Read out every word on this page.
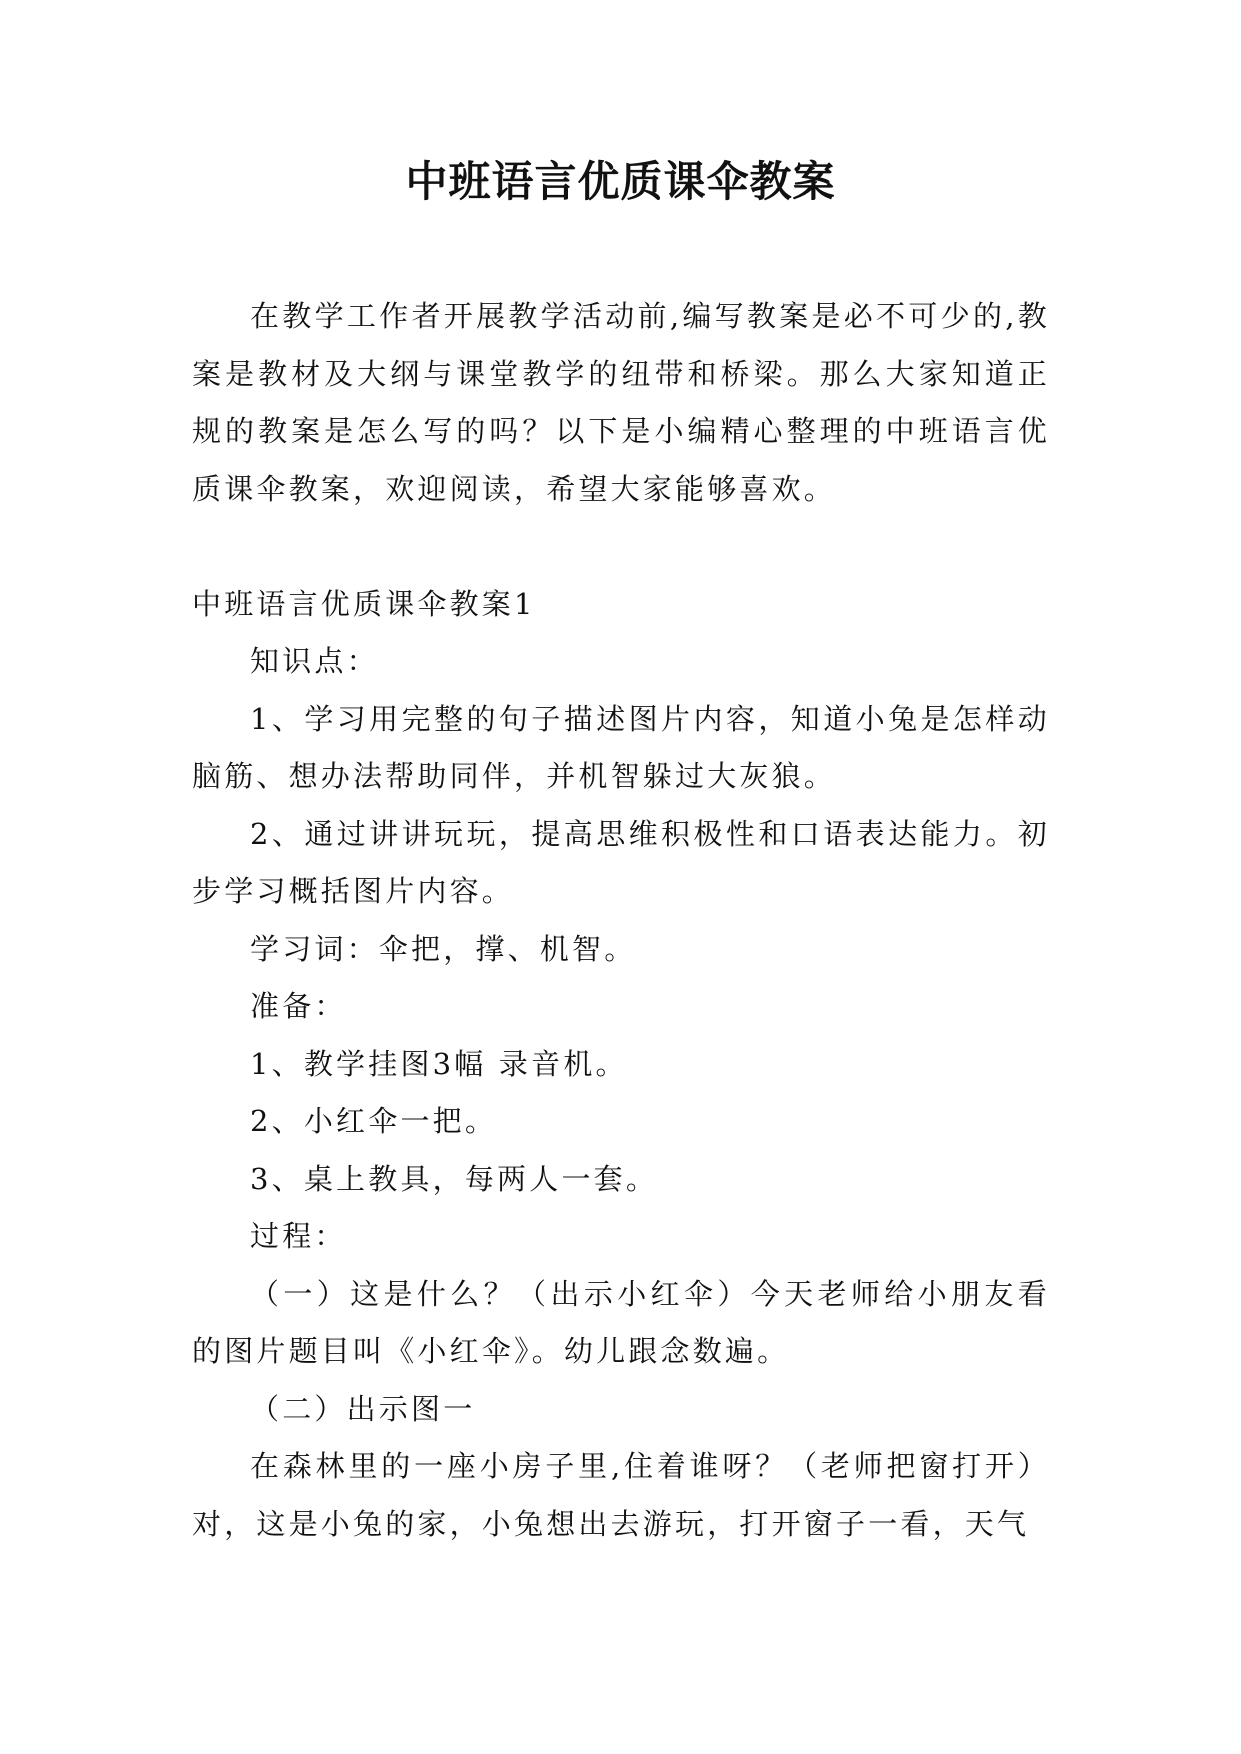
中班语言优质课伞教案

在教学工作者开展教学活动前,编写教案是必不可少的,教案是教材及大纲与课堂教学的纽带和桥梁。那么大家知道正规的教案是怎么写的吗？以下是小编精心整理的中班语言优质课伞教案，欢迎阅读，希望大家能够喜欢。

中班语言优质课伞教案1

知识点：

1、学习用完整的句子描述图片内容，知道小兔是怎样动脑筋、想办法帮助同伴，并机智躲过大灰狼。

2、通过讲讲玩玩，提高思维积极性和口语表达能力。初步学习概括图片内容。

学习词：伞把，撑、机智。

准备：

1、教学挂图3幅 录音机。

2、小红伞一把。

3、桌上教具，每两人一套。

过程：

（一）这是什么？（出示小红伞）今天老师给小朋友看的图片题目叫《小红伞》。幼儿跟念数遍。

（二）出示图一

在森林里的一座小房子里,住着谁呀？（老师把窗打开）对，这是小兔的家，小兔想出去游玩，打开窗子一看，天气
